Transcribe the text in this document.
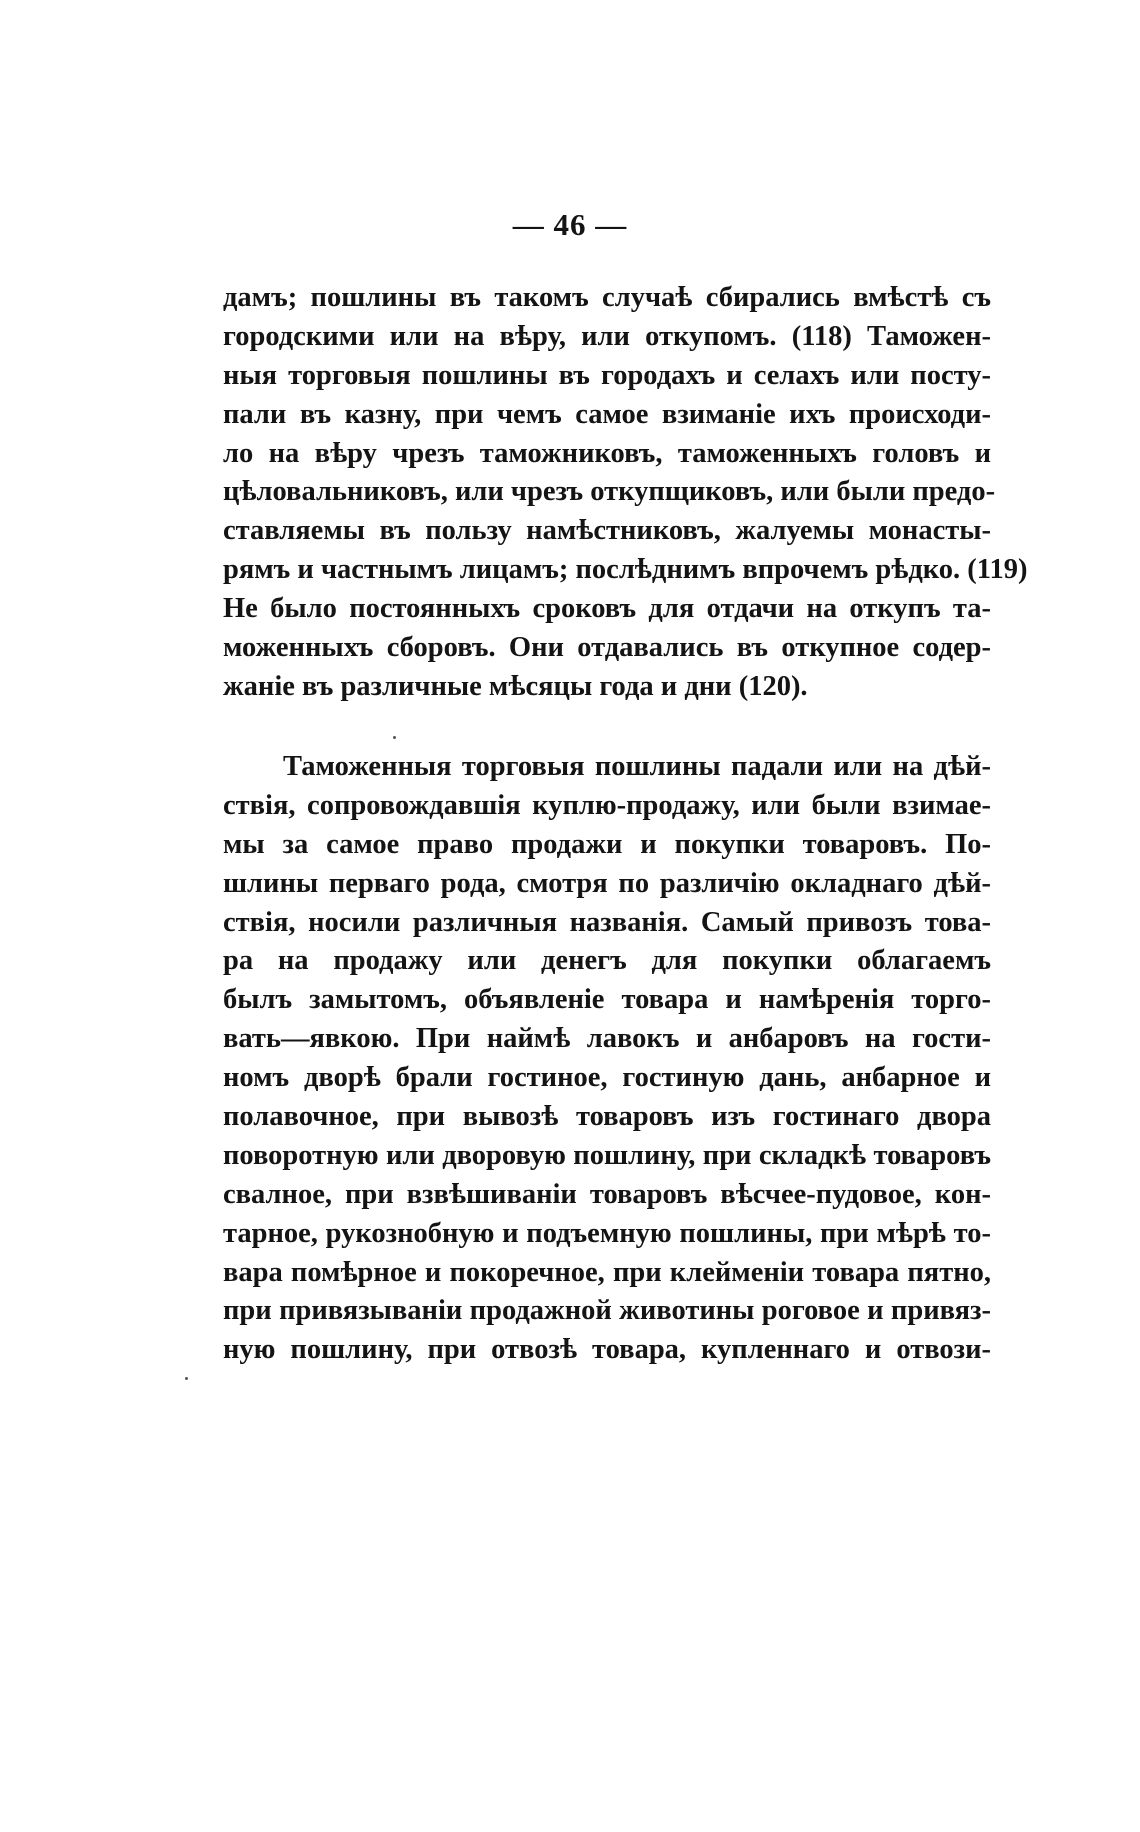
— 46 —
дамъ; пошлины въ такомъ случаѣ сбирались вмѣстѣ съ
городскими или на вѣру, или откупомъ. (118) Таможен-
ныя торговыя пошлины въ городахъ и селахъ или посту-
пали въ казну, при чемъ самое взиманіе ихъ происходи-
ло на вѣру чрезъ таможниковъ, таможенныхъ головъ и
цѣловальниковъ, или чрезъ откупщиковъ, или были предо-
ставляемы въ пользу намѣстниковъ, жалуемы монасты-
рямъ и частнымъ лицамъ; послѣднимъ впрочемъ рѣдко. (119)
Не было постоянныхъ сроковъ для отдачи на откупъ та-
моженныхъ сборовъ. Они отдавались въ откупное содер-
жаніе въ различные мѣсяцы года и дни (120).
Таможенныя торговыя пошлины падали или на дѣй-
ствія, сопровождавшія куплю-продажу, или были взимае-
мы за самое право продажи и покупки товаровъ. По-
шлины перваго рода, смотря по различію окладнаго дѣй-
ствія, носили различныя названія. Самый привозъ това-
ра на продажу или денегъ для покупки облагаемъ
былъ замытомъ, объявленіе товара и намѣренія торго-
вать—явкою. При наймѣ лавокъ и анбаровъ на гости-
номъ дворѣ брали гостиное, гостиную дань, анбарное и
полавочное, при вывозѣ товаровъ изъ гостинаго двора
поворотную или дворовую пошлину, при складкѣ товаровъ
свалное, при взвѣшиваніи товаровъ вѣсчее-пудовое, кон-
тарное, рукознобную и подъемную пошлины, при мѣрѣ то-
вара помѣрное и покоречное, при клейменіи товара пятно,
при привязываніи продажной животины роговое и привяз-
ную пошлину, при отвозѣ товара, купленнаго и отвози-
